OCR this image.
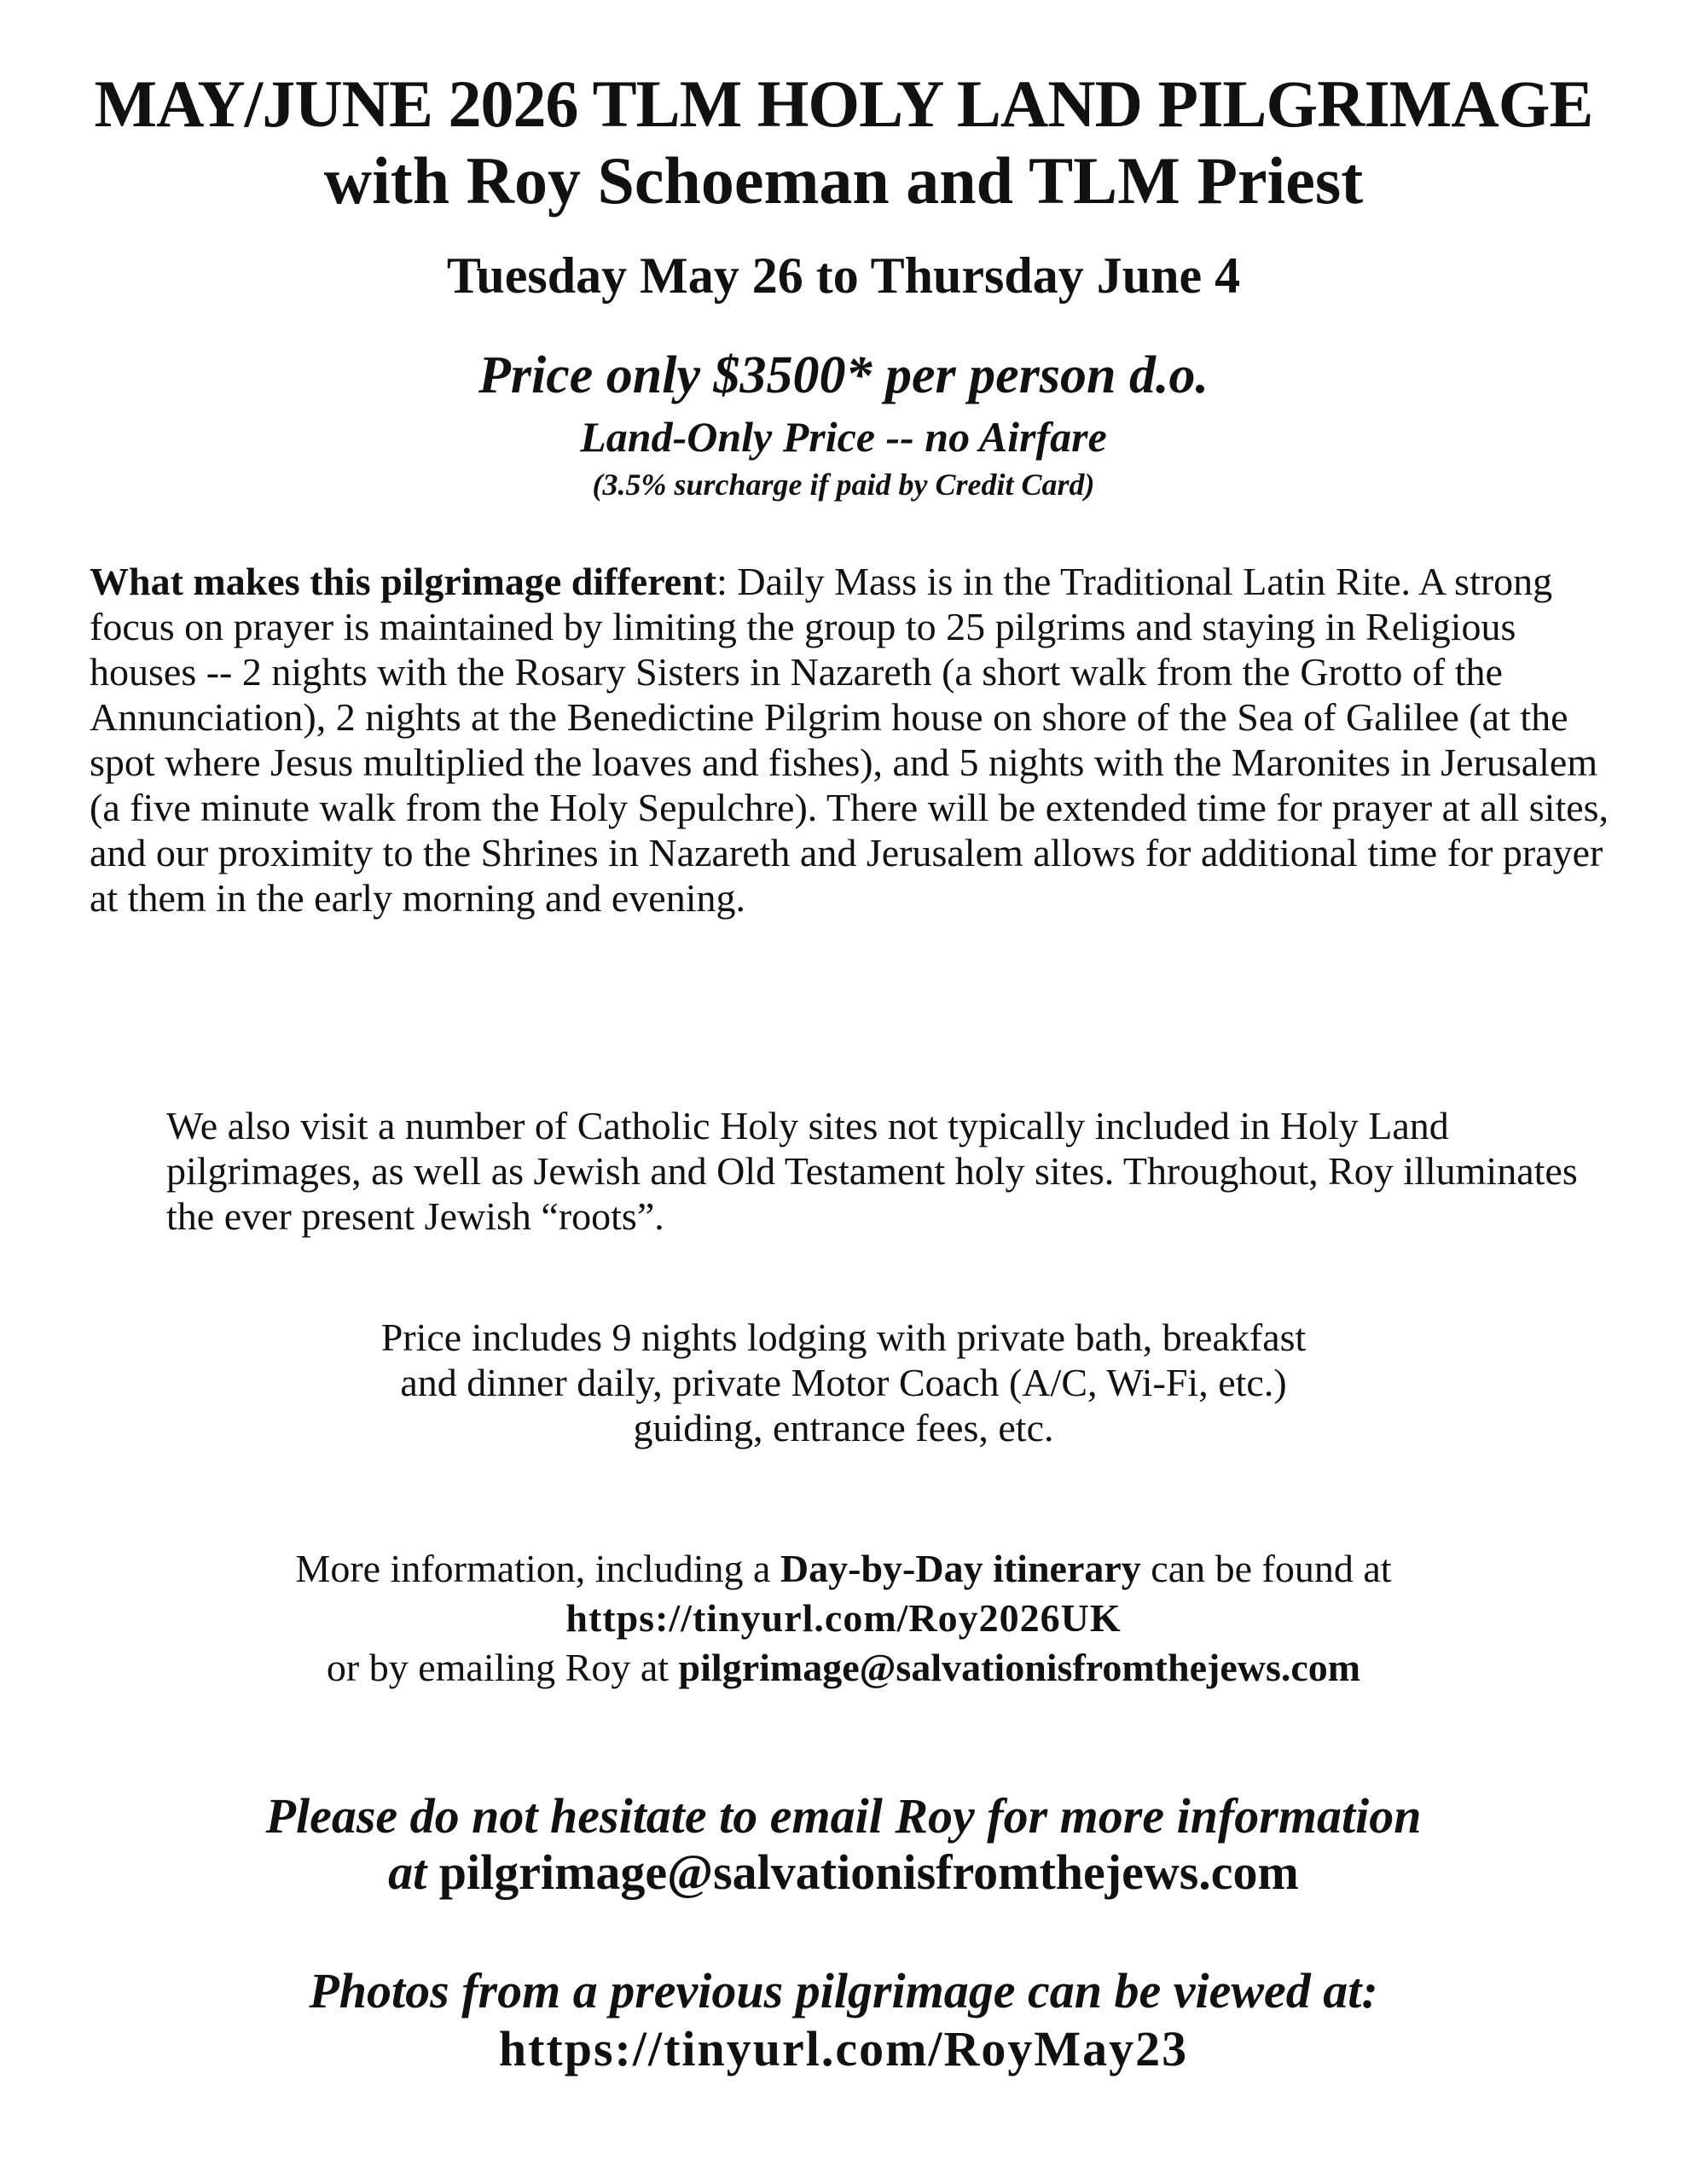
MAY/JUNE 2026 TLM HOLY LAND PILGRIMAGE
with Roy Schoeman and TLM Priest
Tuesday May 26 to Thursday June 4
Price only $3500* per person d.o.
Land-Only Price -- no Airfare
(3.5% surcharge if paid by Credit Card)

What makes this pilgrimage different: Daily Mass is in the Traditional Latin Rite. A strong focus on prayer is maintained by limiting the group to 25 pilgrims and staying in Religious houses -- 2 nights with the Rosary Sisters in Nazareth (a short walk from the Grotto of the Annunciation), 2 nights at the Benedictine Pilgrim house on shore of the Sea of Galilee (at the spot where Jesus multiplied the loaves and fishes), and 5 nights with the Maronites in Jerusalem (a five minute walk from the Holy Sepulchre). There will be extended time for prayer at all sites, and our proximity to the Shrines in Nazareth and Jerusalem allows for additional time for prayer at them in the early morning and evening.

We also visit a number of Catholic Holy sites not typically included in Holy Land pilgrimages, as well as Jewish and Old Testament holy sites. Throughout, Roy illuminates the ever present Jewish “roots”.

Price includes 9 nights lodging with private bath, breakfast
and dinner daily, private Motor Coach (A/C, Wi-Fi, etc.)
guiding, entrance fees, etc.
More information, including a Day-by-Day itinerary can be found at
https://tinyurl.com/Roy2026UK
or by emailing Roy at pilgrimage@salvationisfromthejews.com
Please do not hesitate to email Roy for more information
at pilgrimage@salvationisfromthejews.com
Photos from a previous pilgrimage can be viewed at:
https://tinyurl.com/RoyMay23
